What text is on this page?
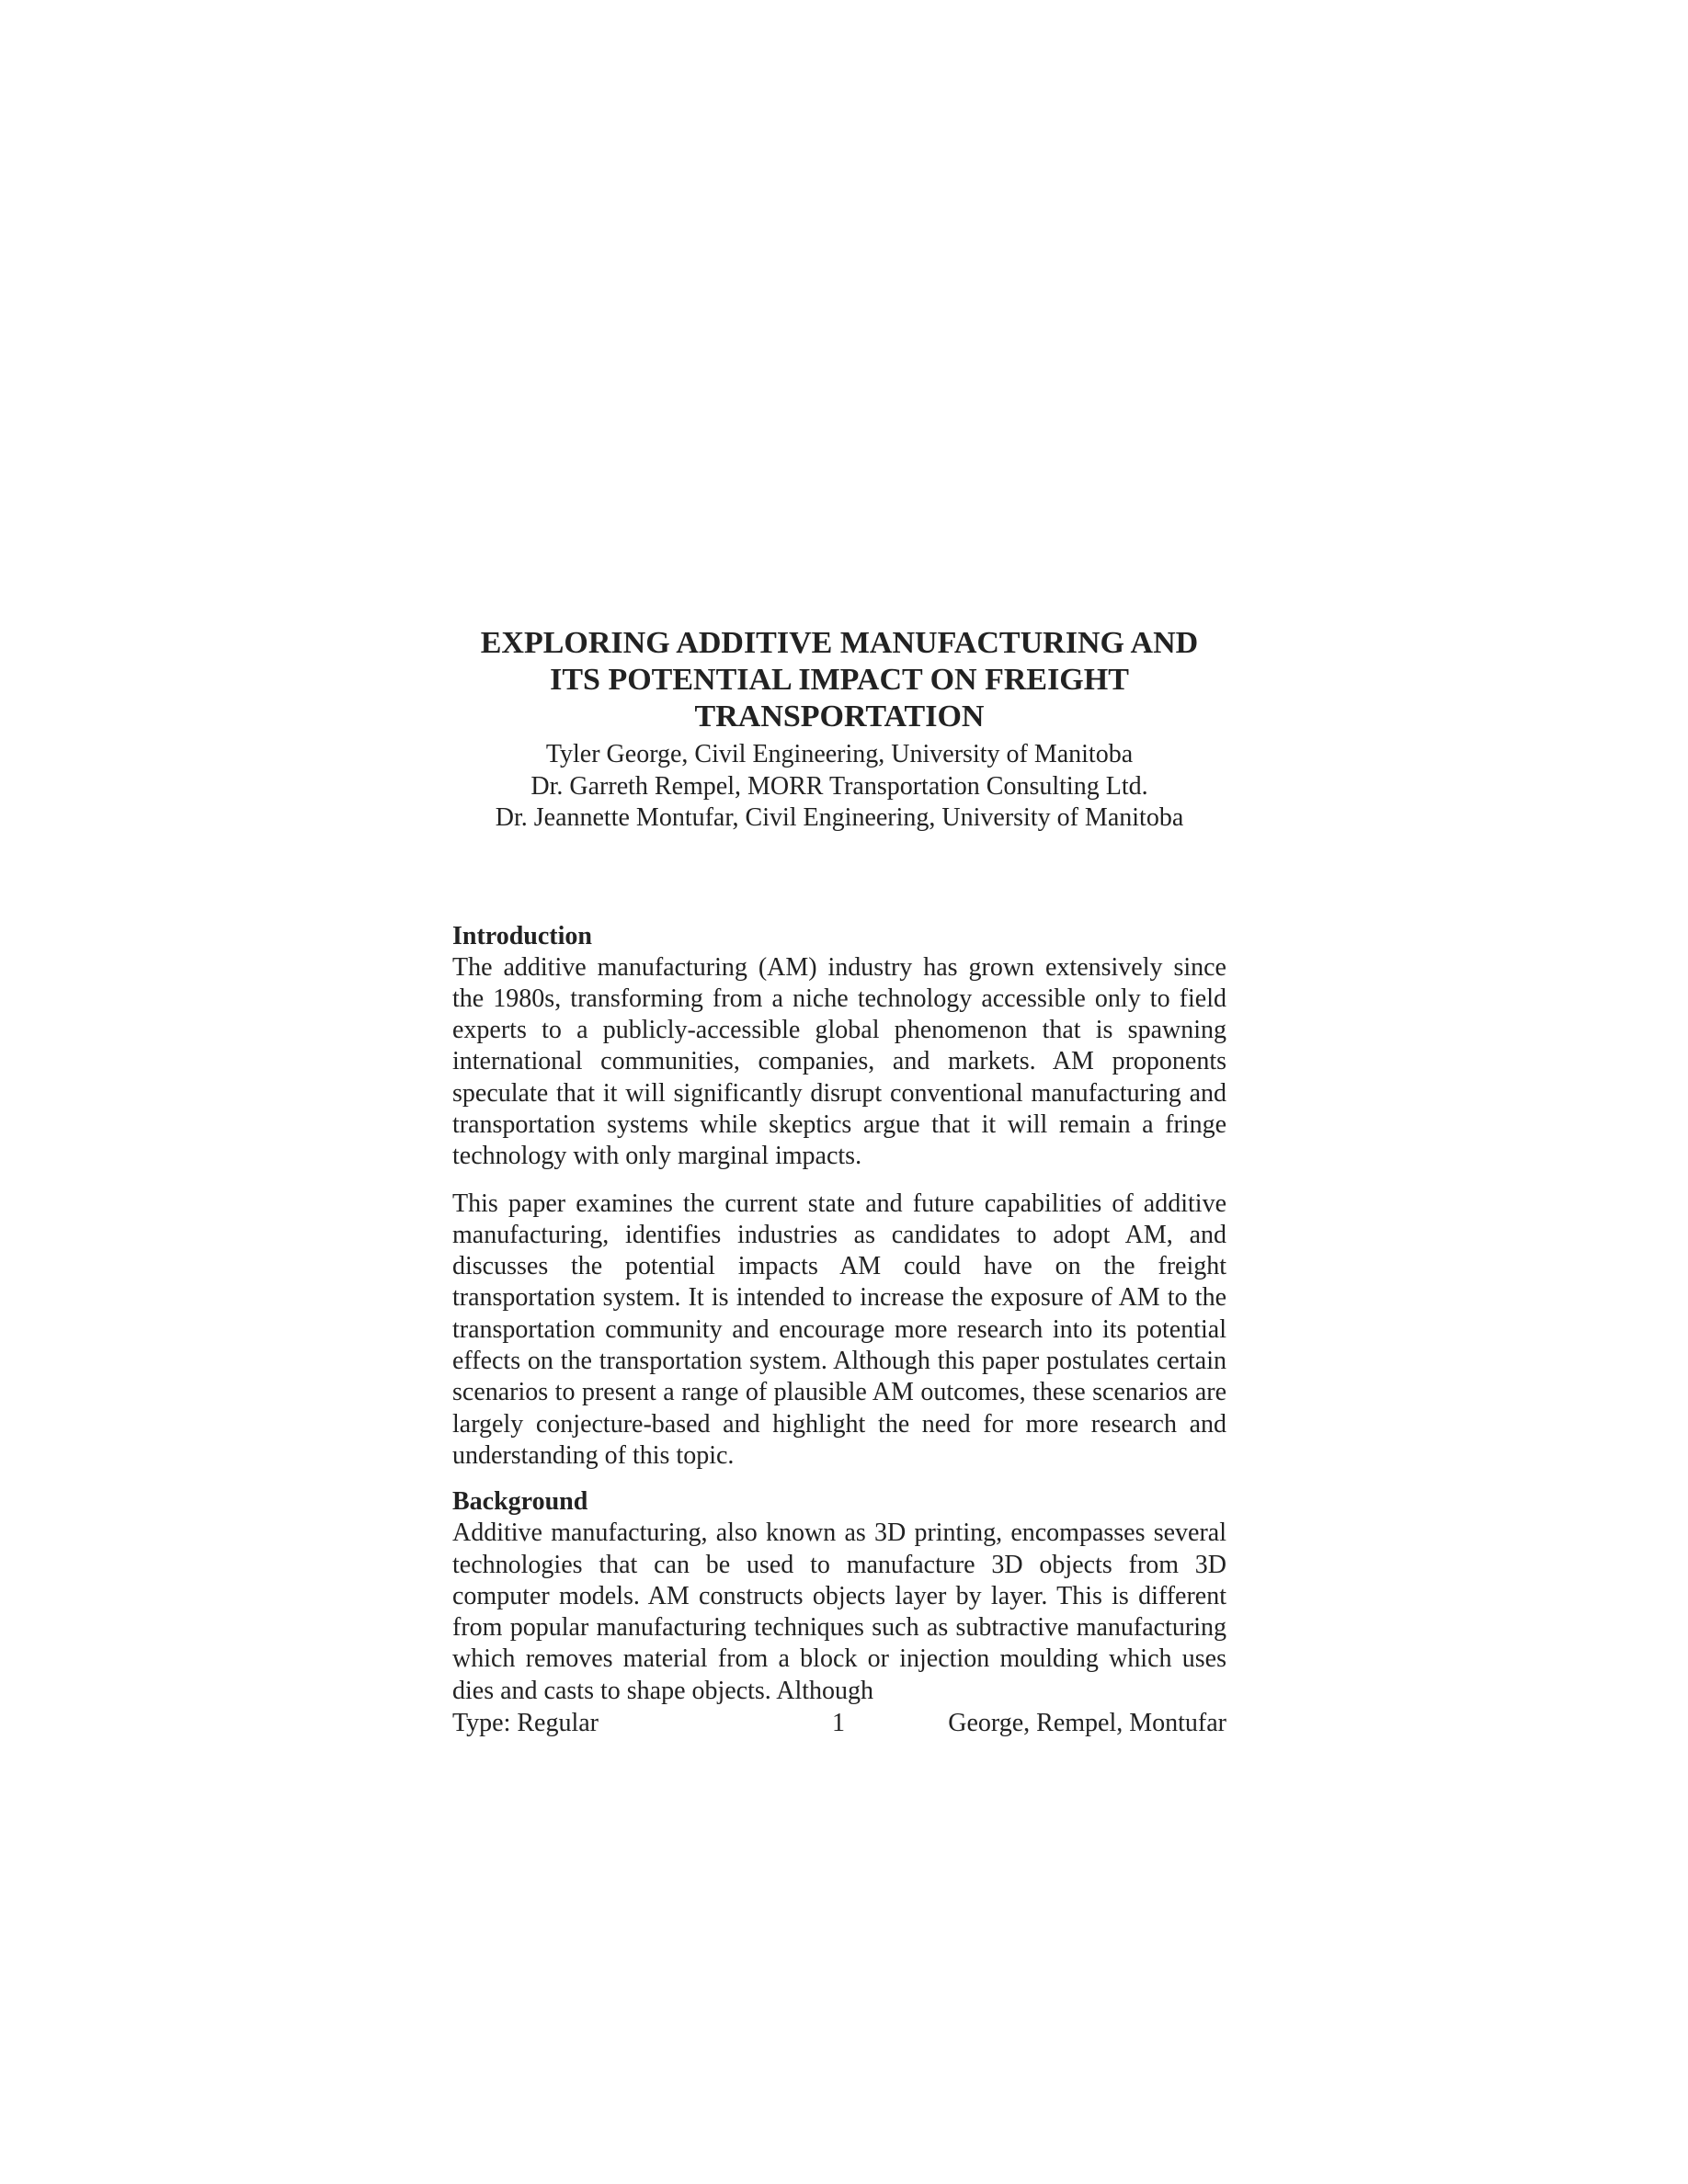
EXPLORING ADDITIVE MANUFACTURING AND
ITS POTENTIAL IMPACT ON FREIGHT
TRANSPORTATION
Tyler George, Civil Engineering, University of Manitoba
Dr. Garreth Rempel, MORR Transportation Consulting Ltd.
Dr. Jeannette Montufar, Civil Engineering, University of Manitoba
Introduction

The additive manufacturing (AM) industry has grown extensively since the 1980s, transforming from a niche technology accessible only to field experts to a publicly-accessible global phenomenon that is spawning international communities, companies, and markets. AM proponents speculate that it will significantly disrupt conventional manufacturing and transportation systems while skeptics argue that it will remain a fringe technology with only marginal impacts.

This paper examines the current state and future capabilities of additive manufacturing, identifies industries as candidates to adopt AM, and discusses the potential impacts AM could have on the freight transportation system. It is intended to increase the exposure of AM to the transportation community and encourage more research into its potential effects on the transportation system. Although this paper postulates certain scenarios to present a range of plausible AM outcomes, these scenarios are largely conjecture-based and highlight the need for more research and understanding of this topic.

Background

Additive manufacturing, also known as 3D printing, encompasses several technologies that can be used to manufacture 3D objects from 3D computer models. AM constructs objects layer by layer. This is different from popular manufacturing techniques such as subtractive manufacturing which removes material from a block or injection moulding which uses dies and casts to shape objects. Although

Type: Regular	1	George, Rempel, Montufar
